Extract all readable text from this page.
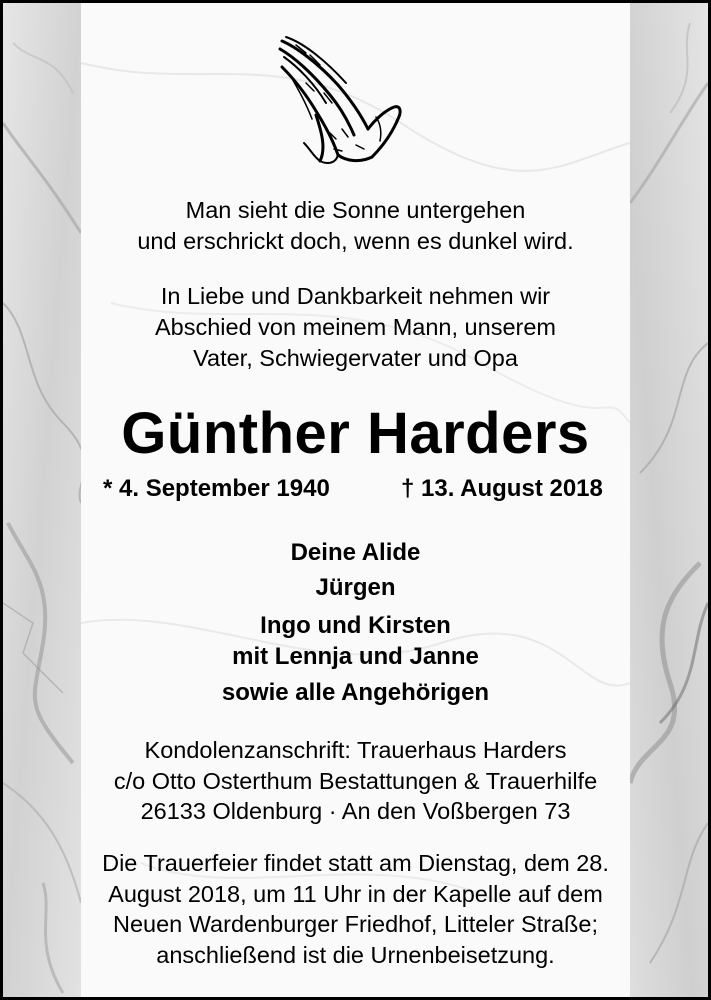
Man sieht die Sonne untergehen
und erschrickt doch, wenn es dunkel wird.

In Liebe und Dankbarkeit nehmen wir
Abschied von meinem Mann, unserem
Vater, Schwiegervater und Opa

Günther Harders
* 4. September 1940	† 13. August 2018

Deine Alide
Jürgen
Ingo und Kirsten
mit Lennja und Janne
sowie alle Angehörigen

Kondolenzanschrift: Trauerhaus Harders
c/o Otto Osterthum Bestattungen & Trauerhilfe
26133 Oldenburg · An den Voßbergen 73

Die Trauerfeier findet statt am Dienstag, dem 28.
August 2018, um 11 Uhr in der Kapelle auf dem
Neuen Wardenburger Friedhof, Litteler Straße;
anschließend ist die Urnenbeisetzung.
